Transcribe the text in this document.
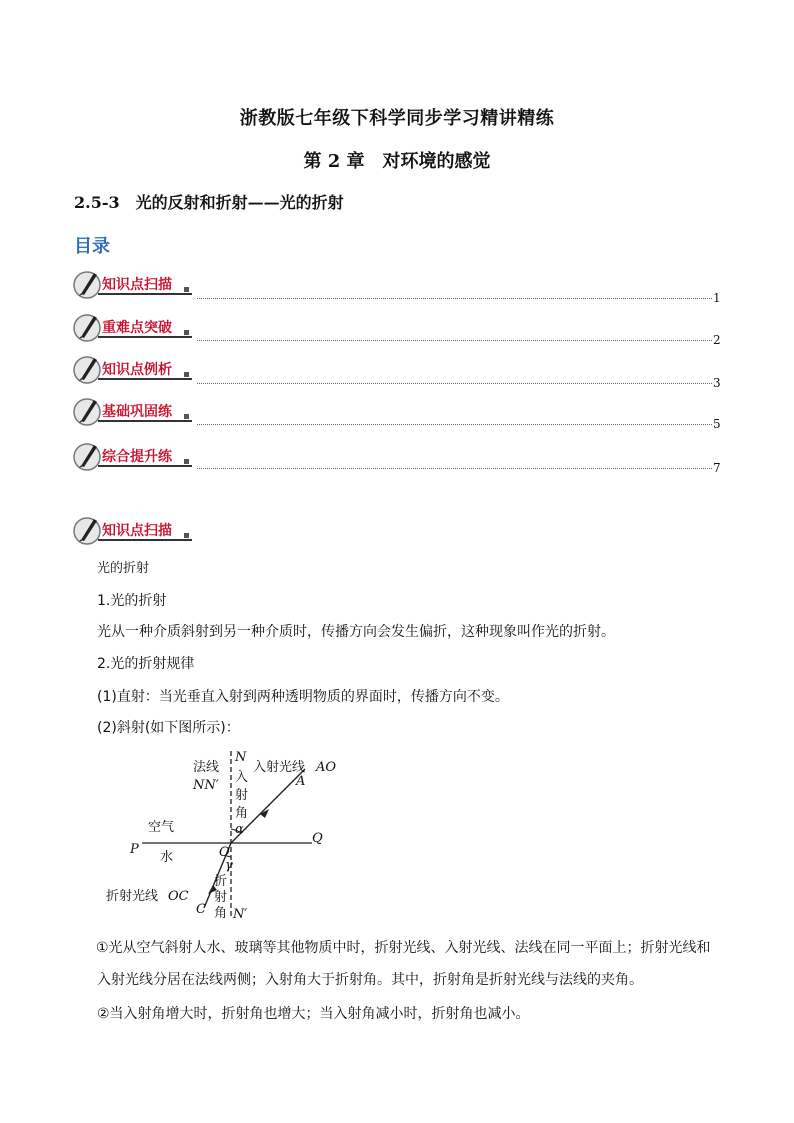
浙教版七年级下科学同步学习精讲精练
第 2 章　对环境的感觉
2.5-3　光的反射和折射——光的折射
目录
知识点扫描
1
重难点突破
2
知识点例析
3
基础巩固练
5
综合提升练
7
知识点扫描
光的折射
1.光的折射
光从一种介质斜射到另一种介质时，传播方向会发生偏折，这种现象叫作光的折射。
2.光的折射规律
(1)直射：当光垂直入射到两种透明物质的界面时，传播方向不变。
(2)斜射(如下图所示)：
N
N′
法线
NN′
入
射
角
α
入射光线 AO
A
空气
水
P
Q
O
γ
折
射
角
折射光线 OC
C
①光从空气斜射人水、玻璃等其他物质中时，折射光线、入射光线、法线在同一平面上；折射光线和入射光线分居在法线两侧；入射角大于折射角。其中，折射角是折射光线与法线的夹角。
②当入射角增大时，折射角也增大；当入射角减小时，折射角也减小。
